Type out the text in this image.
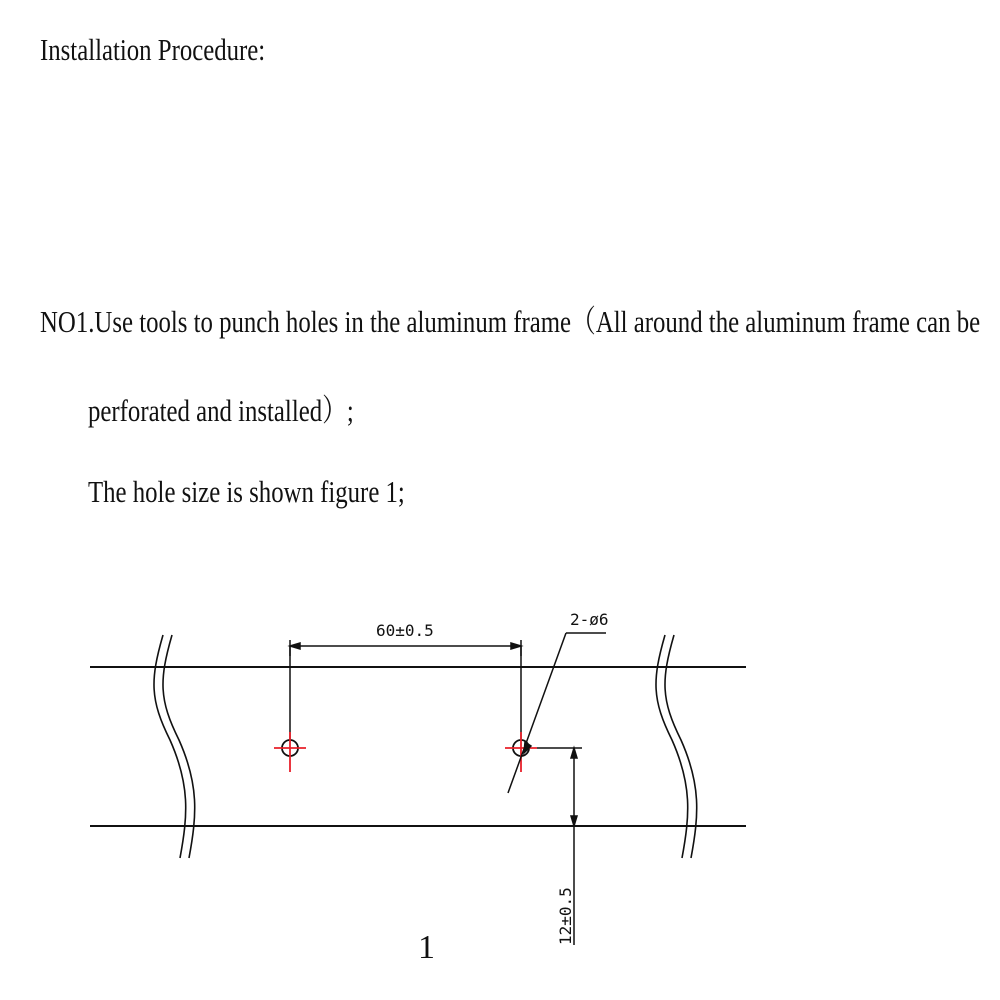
Installation Procedure:
NO1.Use tools to punch holes in the aluminum frame（All around the aluminum frame can be
perforated and installed）;
The hole size is shown figure 1;
60±0.5
2-ø6
12±0.5
1
